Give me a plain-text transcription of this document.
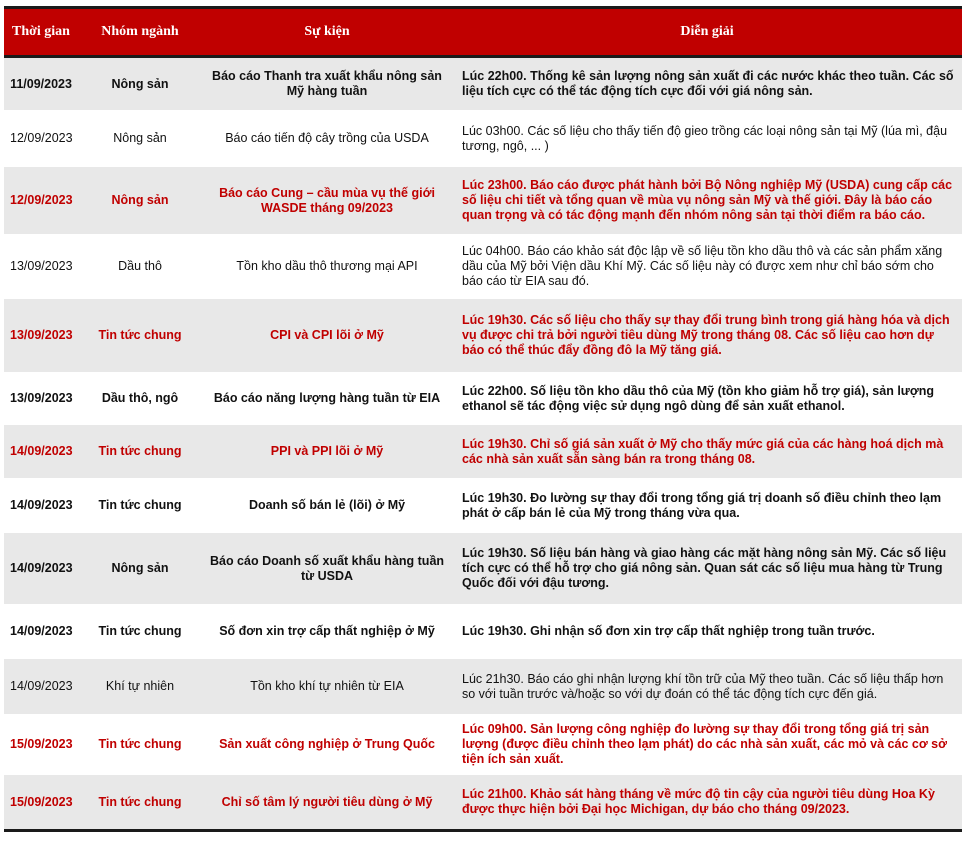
Thời gian	Nhóm ngành	Sự kiện	Diễn giải
11/09/2023	Nông sản	Báo cáo Thanh tra xuất khẩu nông sản Mỹ hàng tuần	Lúc 22h00. Thống kê sản lượng nông sản xuất đi các nước khác theo tuần. Các số liệu tích cực có thể tác động tích cực đối với giá nông sản.
12/09/2023	Nông sản	Báo cáo tiến độ cây trồng của USDA	Lúc 03h00. Các số liệu cho thấy tiến độ gieo trồng các loại nông sản tại Mỹ (lúa mì, đậu tương, ngô, ... )
12/09/2023	Nông sản	Báo cáo Cung – cầu mùa vụ thế giới WASDE tháng 09/2023	Lúc 23h00. Báo cáo được phát hành bởi Bộ Nông nghiệp Mỹ (USDA) cung cấp các số liệu chi tiết và tổng quan về mùa vụ nông sản Mỹ và thế giới. Đây là báo cáo quan trọng và có tác động mạnh đến nhóm nông sản tại thời điểm ra báo cáo.
13/09/2023	Dầu thô	Tồn kho dầu thô thương mại API	Lúc 04h00. Báo cáo khảo sát độc lập về số liệu tồn kho dầu thô và các sản phẩm xăng dầu của Mỹ bởi Viện dầu Khí Mỹ. Các số liệu này có được xem như chỉ báo sớm cho báo cáo từ EIA sau đó.
13/09/2023	Tin tức chung	CPI và CPI lõi ở Mỹ	Lúc 19h30. Các số liệu cho thấy sự thay đổi trung bình trong giá hàng hóa và dịch vụ được chi trả bởi người tiêu dùng Mỹ trong tháng 08. Các số liệu cao hơn dự báo có thể thúc đẩy đồng đô la Mỹ tăng giá.
13/09/2023	Dầu thô, ngô	Báo cáo năng lượng hàng tuần từ EIA	Lúc 22h00. Số liệu tồn kho dầu thô của Mỹ (tồn kho giảm hỗ trợ giá), sản lượng ethanol sẽ tác động việc sử dụng ngô dùng để sản xuất ethanol.
14/09/2023	Tin tức chung	PPI và PPI lõi ở Mỹ	Lúc 19h30. Chỉ số giá sản xuất ở Mỹ cho thấy mức giá của các hàng hoá dịch mà các nhà sản xuất sẵn sàng bán ra trong tháng 08.
14/09/2023	Tin tức chung	Doanh số bán lẻ (lõi) ở Mỹ	Lúc 19h30. Đo lường sự thay đổi trong tổng giá trị doanh số điều chỉnh theo lạm phát ở cấp bán lẻ của Mỹ trong tháng vừa qua.
14/09/2023	Nông sản	Báo cáo Doanh số xuất khẩu hàng tuần từ USDA	Lúc 19h30. Số liệu bán hàng và giao hàng các mặt hàng nông sản Mỹ. Các số liệu tích cực có thể hỗ trợ cho giá nông sản. Quan sát các số liệu mua hàng từ Trung Quốc đối với đậu tương.
14/09/2023	Tin tức chung	Số đơn xin trợ cấp thất nghiệp ở Mỹ	Lúc 19h30. Ghi nhận số đơn xin trợ cấp thất nghiệp trong tuần trước.
14/09/2023	Khí tự nhiên	Tồn kho khí tự nhiên từ EIA	Lúc 21h30. Báo cáo ghi nhận lượng khí tồn trữ của Mỹ theo tuần. Các số liệu thấp hơn so với tuần trước và/hoặc so với dự đoán có thể tác động tích cực đến giá.
15/09/2023	Tin tức chung	Sản xuất công nghiệp ở Trung Quốc	Lúc 09h00. Sản lượng công nghiệp đo lường sự thay đổi trong tổng giá trị sản lượng (được điều chỉnh theo lạm phát) do các nhà sản xuất, các mỏ và các cơ sở tiện ích sản xuất.
15/09/2023	Tin tức chung	Chỉ số tâm lý người tiêu dùng ở Mỹ	Lúc 21h00. Khảo sát hàng tháng về mức độ tin cậy của người tiêu dùng Hoa Kỳ được thực hiện bởi Đại học Michigan, dự báo cho tháng 09/2023.
